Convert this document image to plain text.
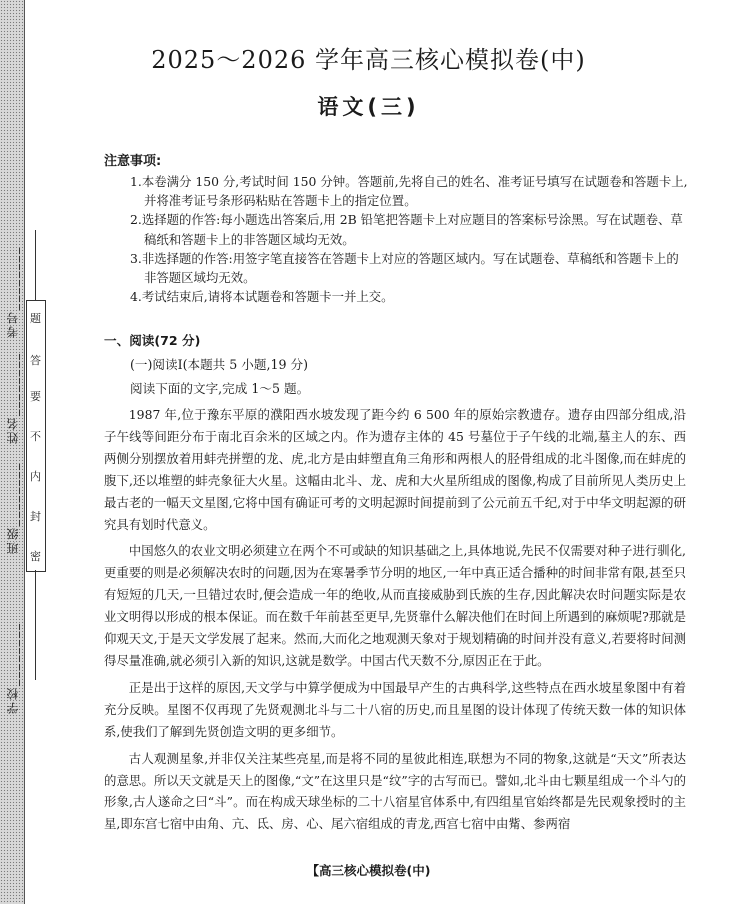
学校________
班级________
姓名________
考号________
题
答
要
不
内
封
密
2025～2026 学年高三核心模拟卷(中)
语文(三)
注意事项:

1.本卷满分 150 分,考试时间 150 分钟。答题前,先将自己的姓名、准考证号填写在试题卷和答题卡上,并将准考证号条形码粘贴在答题卡上的指定位置。

2.选择题的作答:每小题选出答案后,用 2B 铅笔把答题卡上对应题目的答案标号涂黑。写在试题卷、草稿纸和答题卡上的非答题区域均无效。

3.非选择题的作答:用签字笔直接答在答题卡上对应的答题区域内。写在试题卷、草稿纸和答题卡上的非答题区域均无效。

4.考试结束后,请将本试题卷和答题卡一并上交。

一、阅读(72 分)
(一)阅读Ⅰ(本题共 5 小题,19 分)
阅读下面的文字,完成 1～5 题。

1987 年,位于豫东平原的濮阳西水坡发现了距今约 6 500 年的原始宗教遗存。遗存由四部分组成,沿子午线等间距分布于南北百余米的区域之内。作为遗存主体的 45 号墓位于子午线的北端,墓主人的东、西两侧分别摆放着用蚌壳拼塑的龙、虎,北方是由蚌塑直角三角形和两根人的胫骨组成的北斗图像,而在蚌虎的腹下,还以堆塑的蚌壳象征大火星。这幅由北斗、龙、虎和大火星所组成的图像,构成了目前所见人类历史上最古老的一幅天文星图,它将中国有确证可考的文明起源时间提前到了公元前五千纪,对于中华文明起源的研究具有划时代意义。

中国悠久的农业文明必须建立在两个不可或缺的知识基础之上,具体地说,先民不仅需要对种子进行驯化,更重要的则是必须解决农时的问题,因为在寒暑季节分明的地区,一年中真正适合播种的时间非常有限,甚至只有短短的几天,一旦错过农时,便会造成一年的绝收,从而直接威胁到氏族的生存,因此解决农时问题实际是农业文明得以形成的根本保证。而在数千年前甚至更早,先贤靠什么解决他们在时间上所遇到的麻烦呢?那就是仰观天文,于是天文学发展了起来。然而,大而化之地观测天象对于规划精确的时间并没有意义,若要将时间测得尽量准确,就必须引入新的知识,这就是数学。中国古代天数不分,原因正在于此。

正是出于这样的原因,天文学与中算学便成为中国最早产生的古典科学,这些特点在西水坡星象图中有着充分反映。星图不仅再现了先贤观测北斗与二十八宿的历史,而且星图的设计体现了传统天数一体的知识体系,使我们了解到先贤创造文明的更多细节。

古人观测星象,并非仅关注某些亮星,而是将不同的星彼此相连,联想为不同的物象,这就是“天文”所表达的意思。所以天文就是天上的图像,“文”在这里只是“纹”字的古写而已。譬如,北斗由七颗星组成一个斗勺的形象,古人遂命之曰“斗”。而在构成天球坐标的二十八宿星官体系中,有四组星官始终都是先民观象授时的主星,即东宫七宿中由角、亢、氐、房、心、尾六宿组成的青龙,西宫七宿中由觜、参两宿

【高三核心模拟卷(中)
